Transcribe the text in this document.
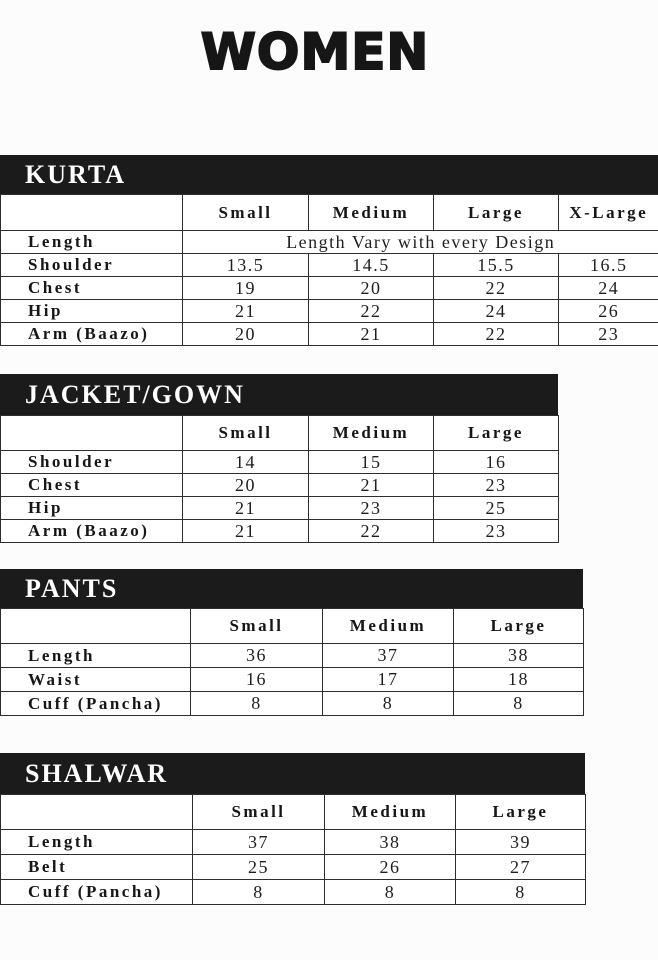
WOMEN
KURTA
	Small	Medium	Large	X-Large
Length	Length Vary with every Design			
Shoulder	13.5	14.5	15.5	16.5
Chest	19	20	22	24
Hip	21	22	24	26
Arm (Baazo)	20	21	22	23
JACKET/GOWN
	Small	Medium	Large
Shoulder	14	15	16
Chest	20	21	23
Hip	21	23	25
Arm (Baazo)	21	22	23
PANTS
	Small	Medium	Large
Length	36	37	38
Waist	16	17	18
Cuff (Pancha)	8	8	8
SHALWAR
	Small	Medium	Large
Length	37	38	39
Belt	25	26	27
Cuff (Pancha)	8	8	8
